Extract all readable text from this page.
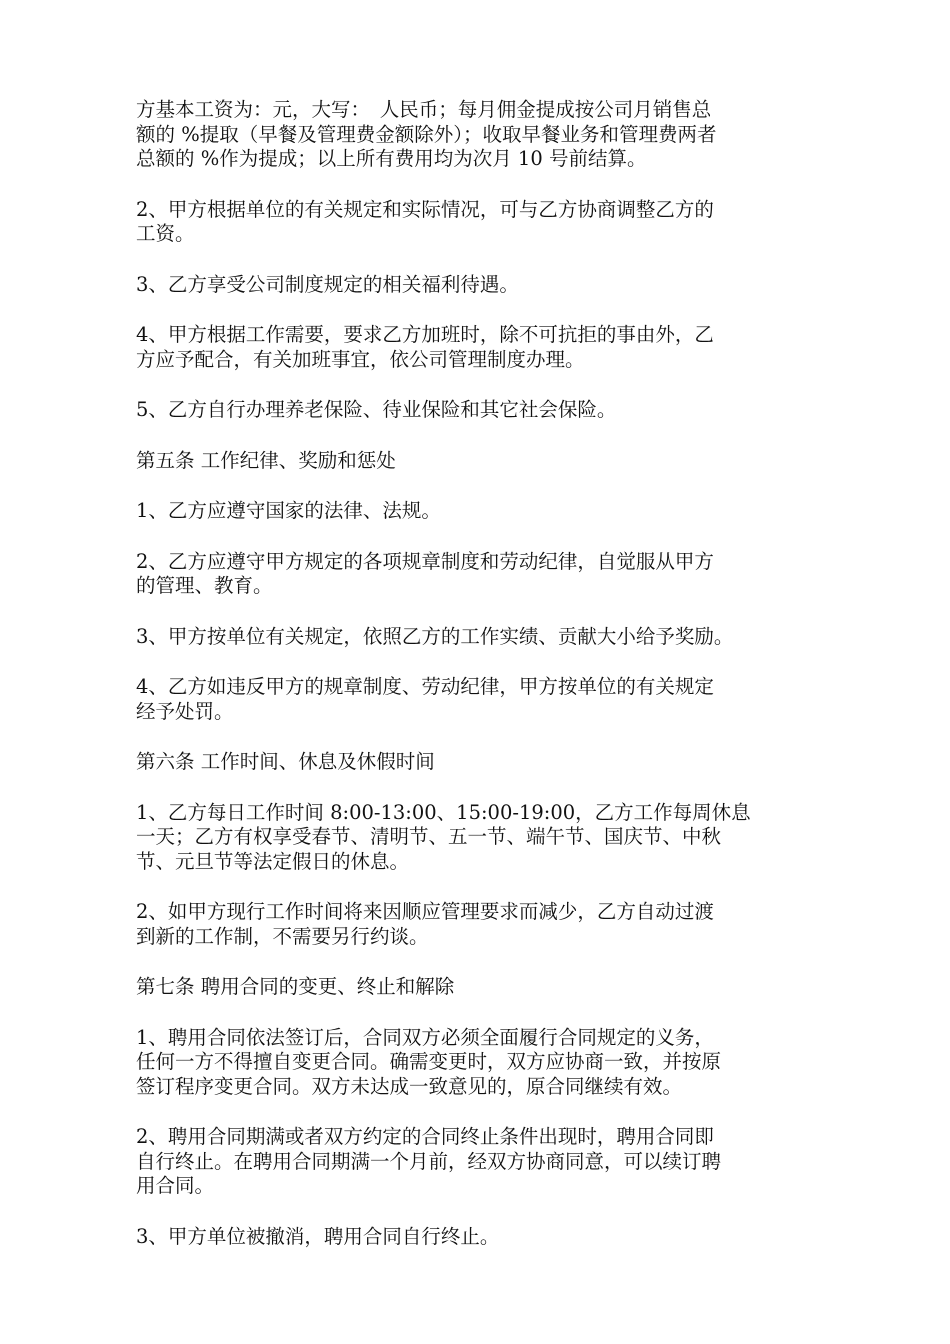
方基本工资为：元，大写：　人民币；每月佣金提成按公司月销售总
额的 %提取（早餐及管理费金额除外）；收取早餐业务和管理费两者
总额的 %作为提成；以上所有费用均为次月 10 号前结算。

2、甲方根据单位的有关规定和实际情况，可与乙方协商调整乙方的
工资。

3、乙方享受公司制度规定的相关福利待遇。

4、甲方根据工作需要，要求乙方加班时，除不可抗拒的事由外，乙
方应予配合，有关加班事宜，依公司管理制度办理。

5、乙方自行办理养老保险、待业保险和其它社会保险。

第五条 工作纪律、奖励和惩处

1、乙方应遵守国家的法律、法规。

2、乙方应遵守甲方规定的各项规章制度和劳动纪律，自觉服从甲方
的管理、教育。

3、甲方按单位有关规定，依照乙方的工作实绩、贡献大小给予奖励。

4、乙方如违反甲方的规章制度、劳动纪律，甲方按单位的有关规定
经予处罚。

第六条 工作时间、休息及休假时间

1、乙方每日工作时间 8:00-13:00、15:00-19:00，乙方工作每周休息
一天；乙方有权享受春节、清明节、五一节、端午节、国庆节、中秋
节、元旦节等法定假日的休息。

2、如甲方现行工作时间将来因顺应管理要求而减少，乙方自动过渡
到新的工作制，不需要另行约谈。

第七条 聘用合同的变更、终止和解除

1、聘用合同依法签订后，合同双方必须全面履行合同规定的义务，
任何一方不得擅自变更合同。确需变更时，双方应协商一致，并按原
签订程序变更合同。双方未达成一致意见的，原合同继续有效。

2、聘用合同期满或者双方约定的合同终止条件出现时，聘用合同即
自行终止。在聘用合同期满一个月前，经双方协商同意，可以续订聘
用合同。

3、甲方单位被撤消，聘用合同自行终止。
